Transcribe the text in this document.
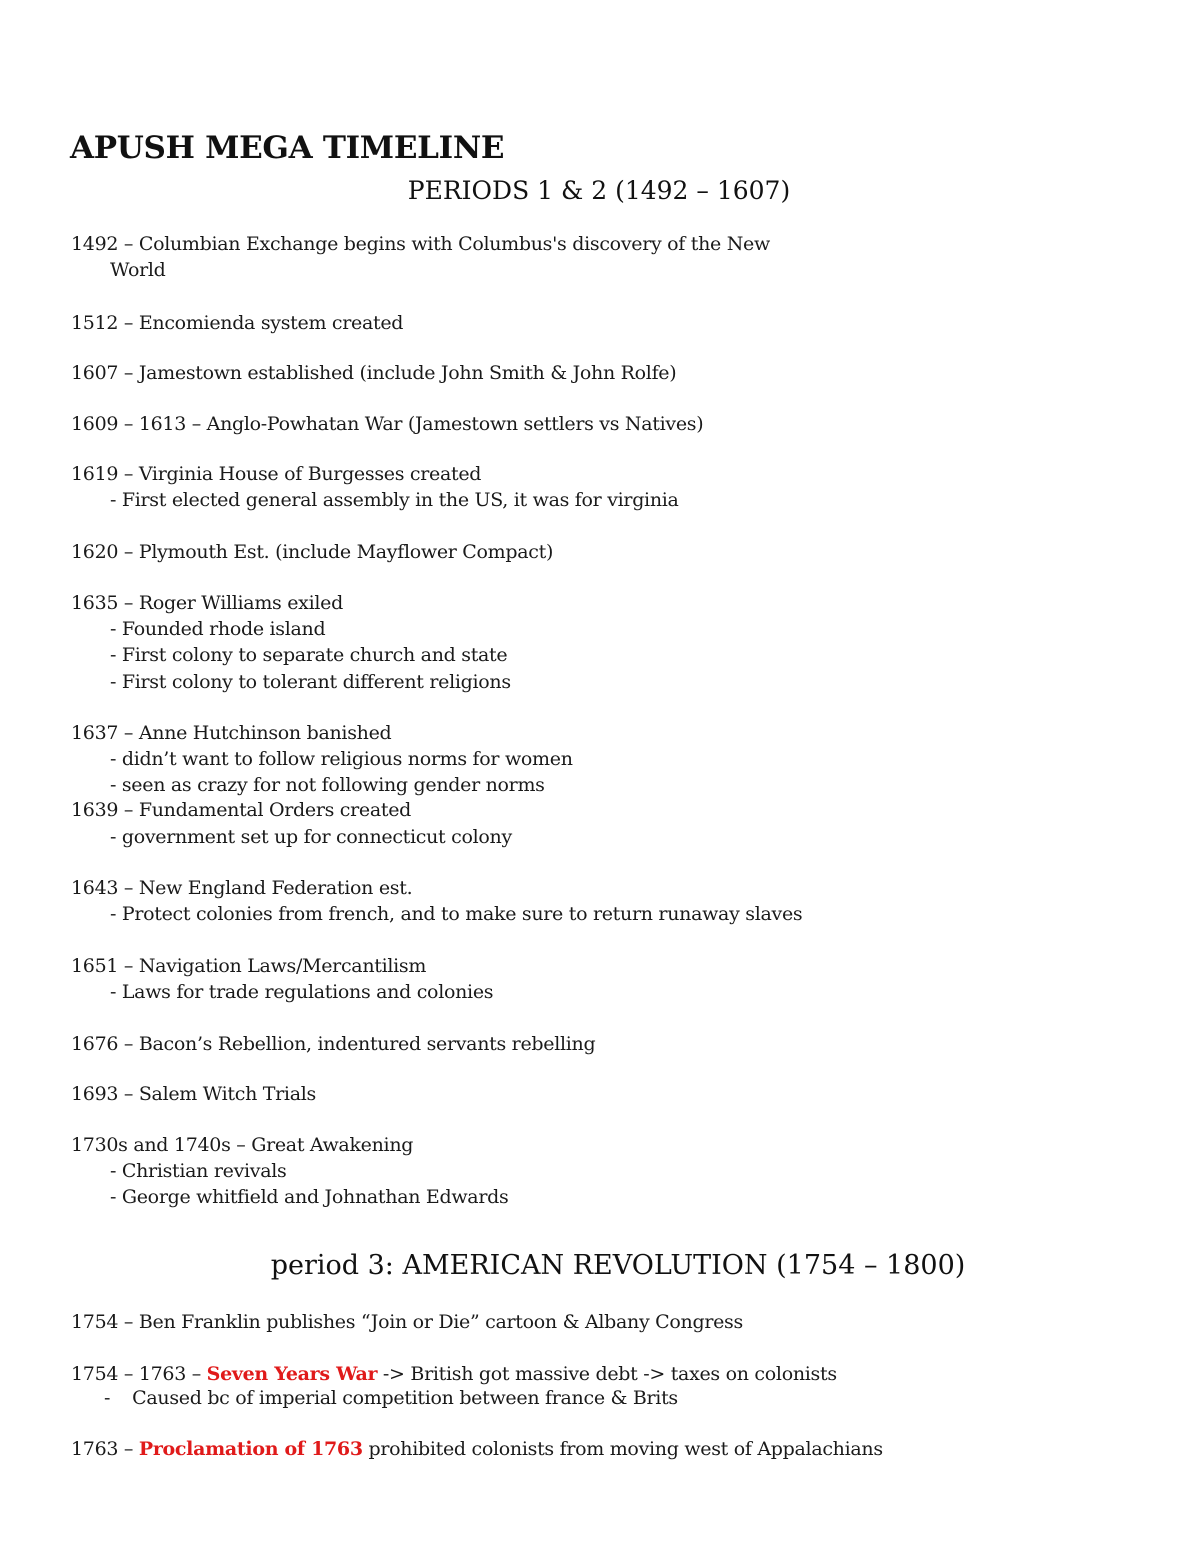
APUSH MEGA TIMELINE
PERIODS 1 & 2 (1492 – 1607)
1492 – Columbian Exchange begins with Columbus's discovery of the New
World
1512 – Encomienda system created
1607 – Jamestown established (include John Smith & John Rolfe)
1609 – 1613 – Anglo-Powhatan War (Jamestown settlers vs Natives)
1619 – Virginia House of Burgesses created
- First elected general assembly in the US, it was for virginia
1620 – Plymouth Est. (include Mayflower Compact)
1635 – Roger Williams exiled
- Founded rhode island
- First colony to separate church and state
- First colony to tolerant different religions
1637 – Anne Hutchinson banished
- didn’t want to follow religious norms for women
- seen as crazy for not following gender norms
1639 – Fundamental Orders created
- government set up for connecticut colony
1643 – New England Federation est.
- Protect colonies from french, and to make sure to return runaway slaves
1651 – Navigation Laws/Mercantilism
- Laws for trade regulations and colonies
1676 – Bacon’s Rebellion, indentured servants rebelling
1693 – Salem Witch Trials
1730s and 1740s – Great Awakening
- Christian revivals
- George whitfield and Johnathan Edwards
period 3: AMERICAN REVOLUTION (1754 – 1800)
1754 – Ben Franklin publishes “Join or Die” cartoon & Albany Congress
1754 – 1763 – Seven Years War -> British got massive debt -> taxes on colonists
- Caused bc of imperial competition between france & Brits
1763 – Proclamation of 1763 prohibited colonists from moving west of Appalachians
